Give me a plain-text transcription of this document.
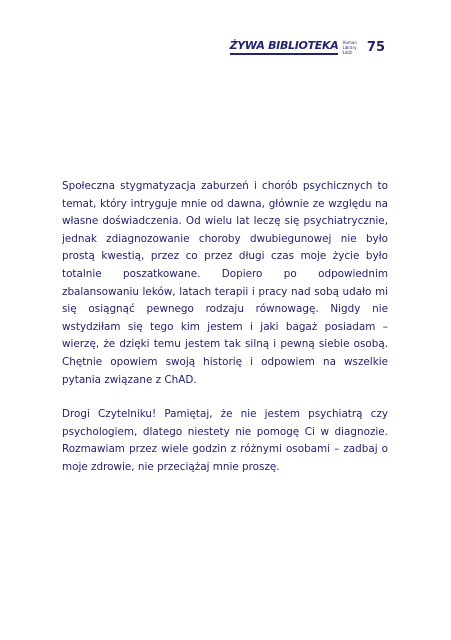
ŻYWA BIBLIOTEKA Human
Library
Łódź	75

Społeczna stygmatyzacja zaburzeń i chorób psychicznych to temat, który intryguje mnie od dawna, głównie ze względu na własne doświadczenia. Od wielu lat leczę się psychiatrycznie, jednak zdiagnozowanie choroby dwubiegunowej nie było prostą kwestią, przez co przez długi czas moje życie było totalnie poszatkowane. Dopiero po odpowiednim zbalansowaniu leków, latach terapii i pracy nad sobą udało mi się osiągnąć pewnego rodzaju równowagę. Nigdy nie wstydziłam się tego kim jestem i jaki bagaż posiadam – wierzę, że dzięki temu jestem tak silną i pewną siebie osobą. Chętnie opowiem swoją historię i odpowiem na wszelkie pytania związane z ChAD.

Drogi Czytelniku! Pamiętaj, że nie jestem psychiatrą czy psychologiem, dlatego niestety nie pomogę Ci w diagnozie. Rozmawiam przez wiele godzin z różnymi osobami – zadbaj o moje zdrowie, nie przeciążaj mnie proszę.
